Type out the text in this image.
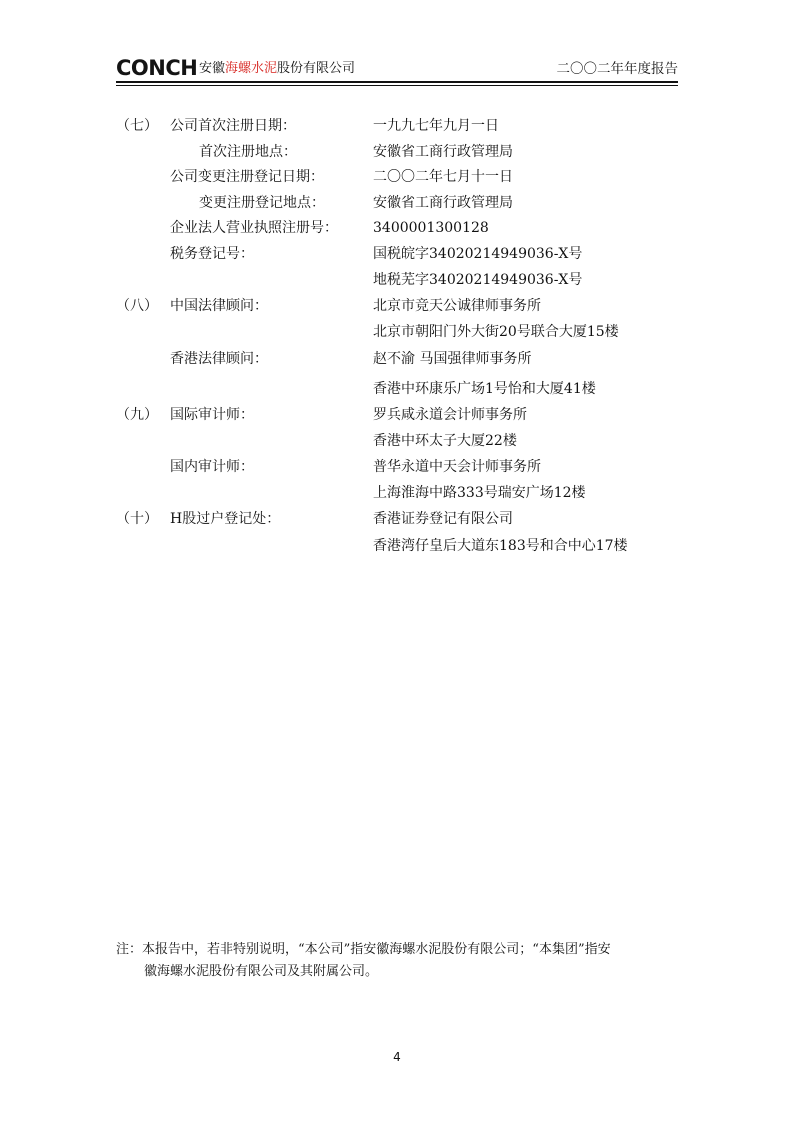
CONCH 安徽海螺水泥股份有限公司	二〇〇二年年度报告
（七） 公司首次注册日期：	一九九七年九月一日
首次注册地点：	安徽省工商行政管理局
公司变更注册登记日期：	二〇〇二年七月十一日
变更注册登记地点：	安徽省工商行政管理局
企业法人营业执照注册号：	3400001300128
税务登记号：	国税皖字34020214949036-X号
地税芜字34020214949036-X号
（八） 中国法律顾问：	北京市竞天公诚律师事务所
北京市朝阳门外大街20号联合大厦15楼
香港法律顾问：	赵不渝 马国强律师事务所
香港中环康乐广场1号怡和大厦41楼
（九） 国际审计师：	罗兵咸永道会计师事务所
香港中环太子大厦22楼
国内审计师：	普华永道中天会计师事务所
上海淮海中路333号瑞安广场12楼
（十） H股过户登记处：	香港证券登记有限公司
香港湾仔皇后大道东183号和合中心17楼
注：本报告中，若非特别说明，“本公司”指安徽海螺水泥股份有限公司；“本集团”指安
徽海螺水泥股份有限公司及其附属公司。
4
